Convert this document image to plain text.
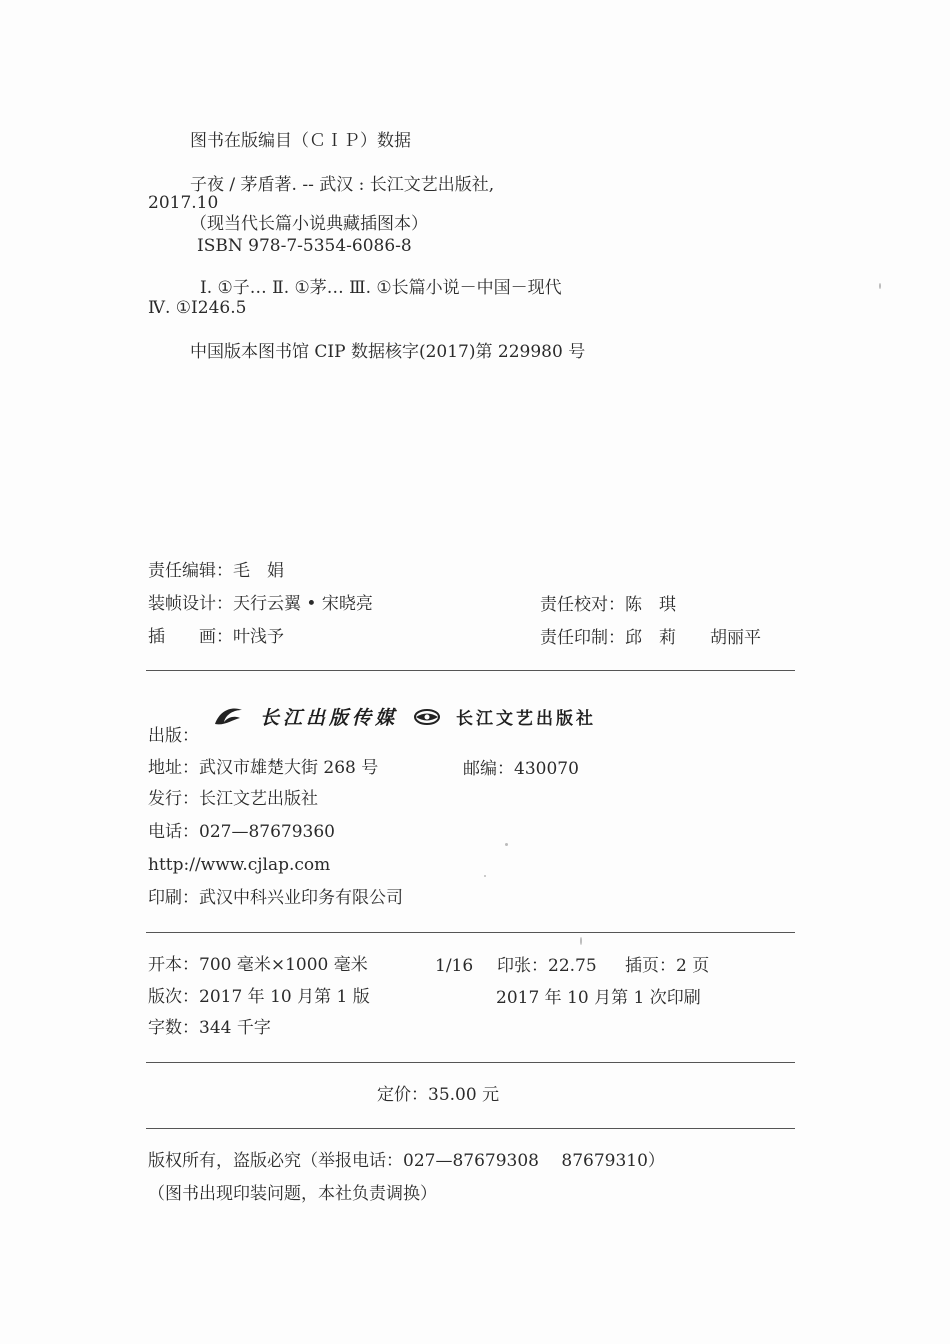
图书在版编目（ＣＩＰ）数据
子夜 / 茅盾著. -- 武汉 : 长江文艺出版社,
2017.10
（现当代长篇小说典藏插图本）
ISBN 978-7-5354-6086-8
Ⅰ. ①子… Ⅱ. ①茅… Ⅲ. ①长篇小说－中国－现代
Ⅳ. ①I246.5
中国版本图书馆 CIP 数据核字(2017)第 229980 号
责任编辑：毛　娟
装帧设计：天行云翼 • 宋晓亮	责任校对：陈　琪
插　　画：叶浅予	责任印制：邱　莉　　胡丽平
长江出版传媒	长江文艺出版社
出版：
地址：武汉市雄楚大街 268 号	邮编：430070
发行：长江文艺出版社
电话：027—87679360
http://www.cjlap.com
印刷：武汉中科兴业印务有限公司
开本：700 毫米×1000 毫米	1/16 印张：22.75 插页：2 页
版次：2017 年 10 月第 1 版	2017 年 10 月第 1 次印刷
字数：344 千字
定价：35.00 元
版权所有，盗版必究（举报电话：027—87679308　 87679310）
（图书出现印装问题，本社负责调换）
